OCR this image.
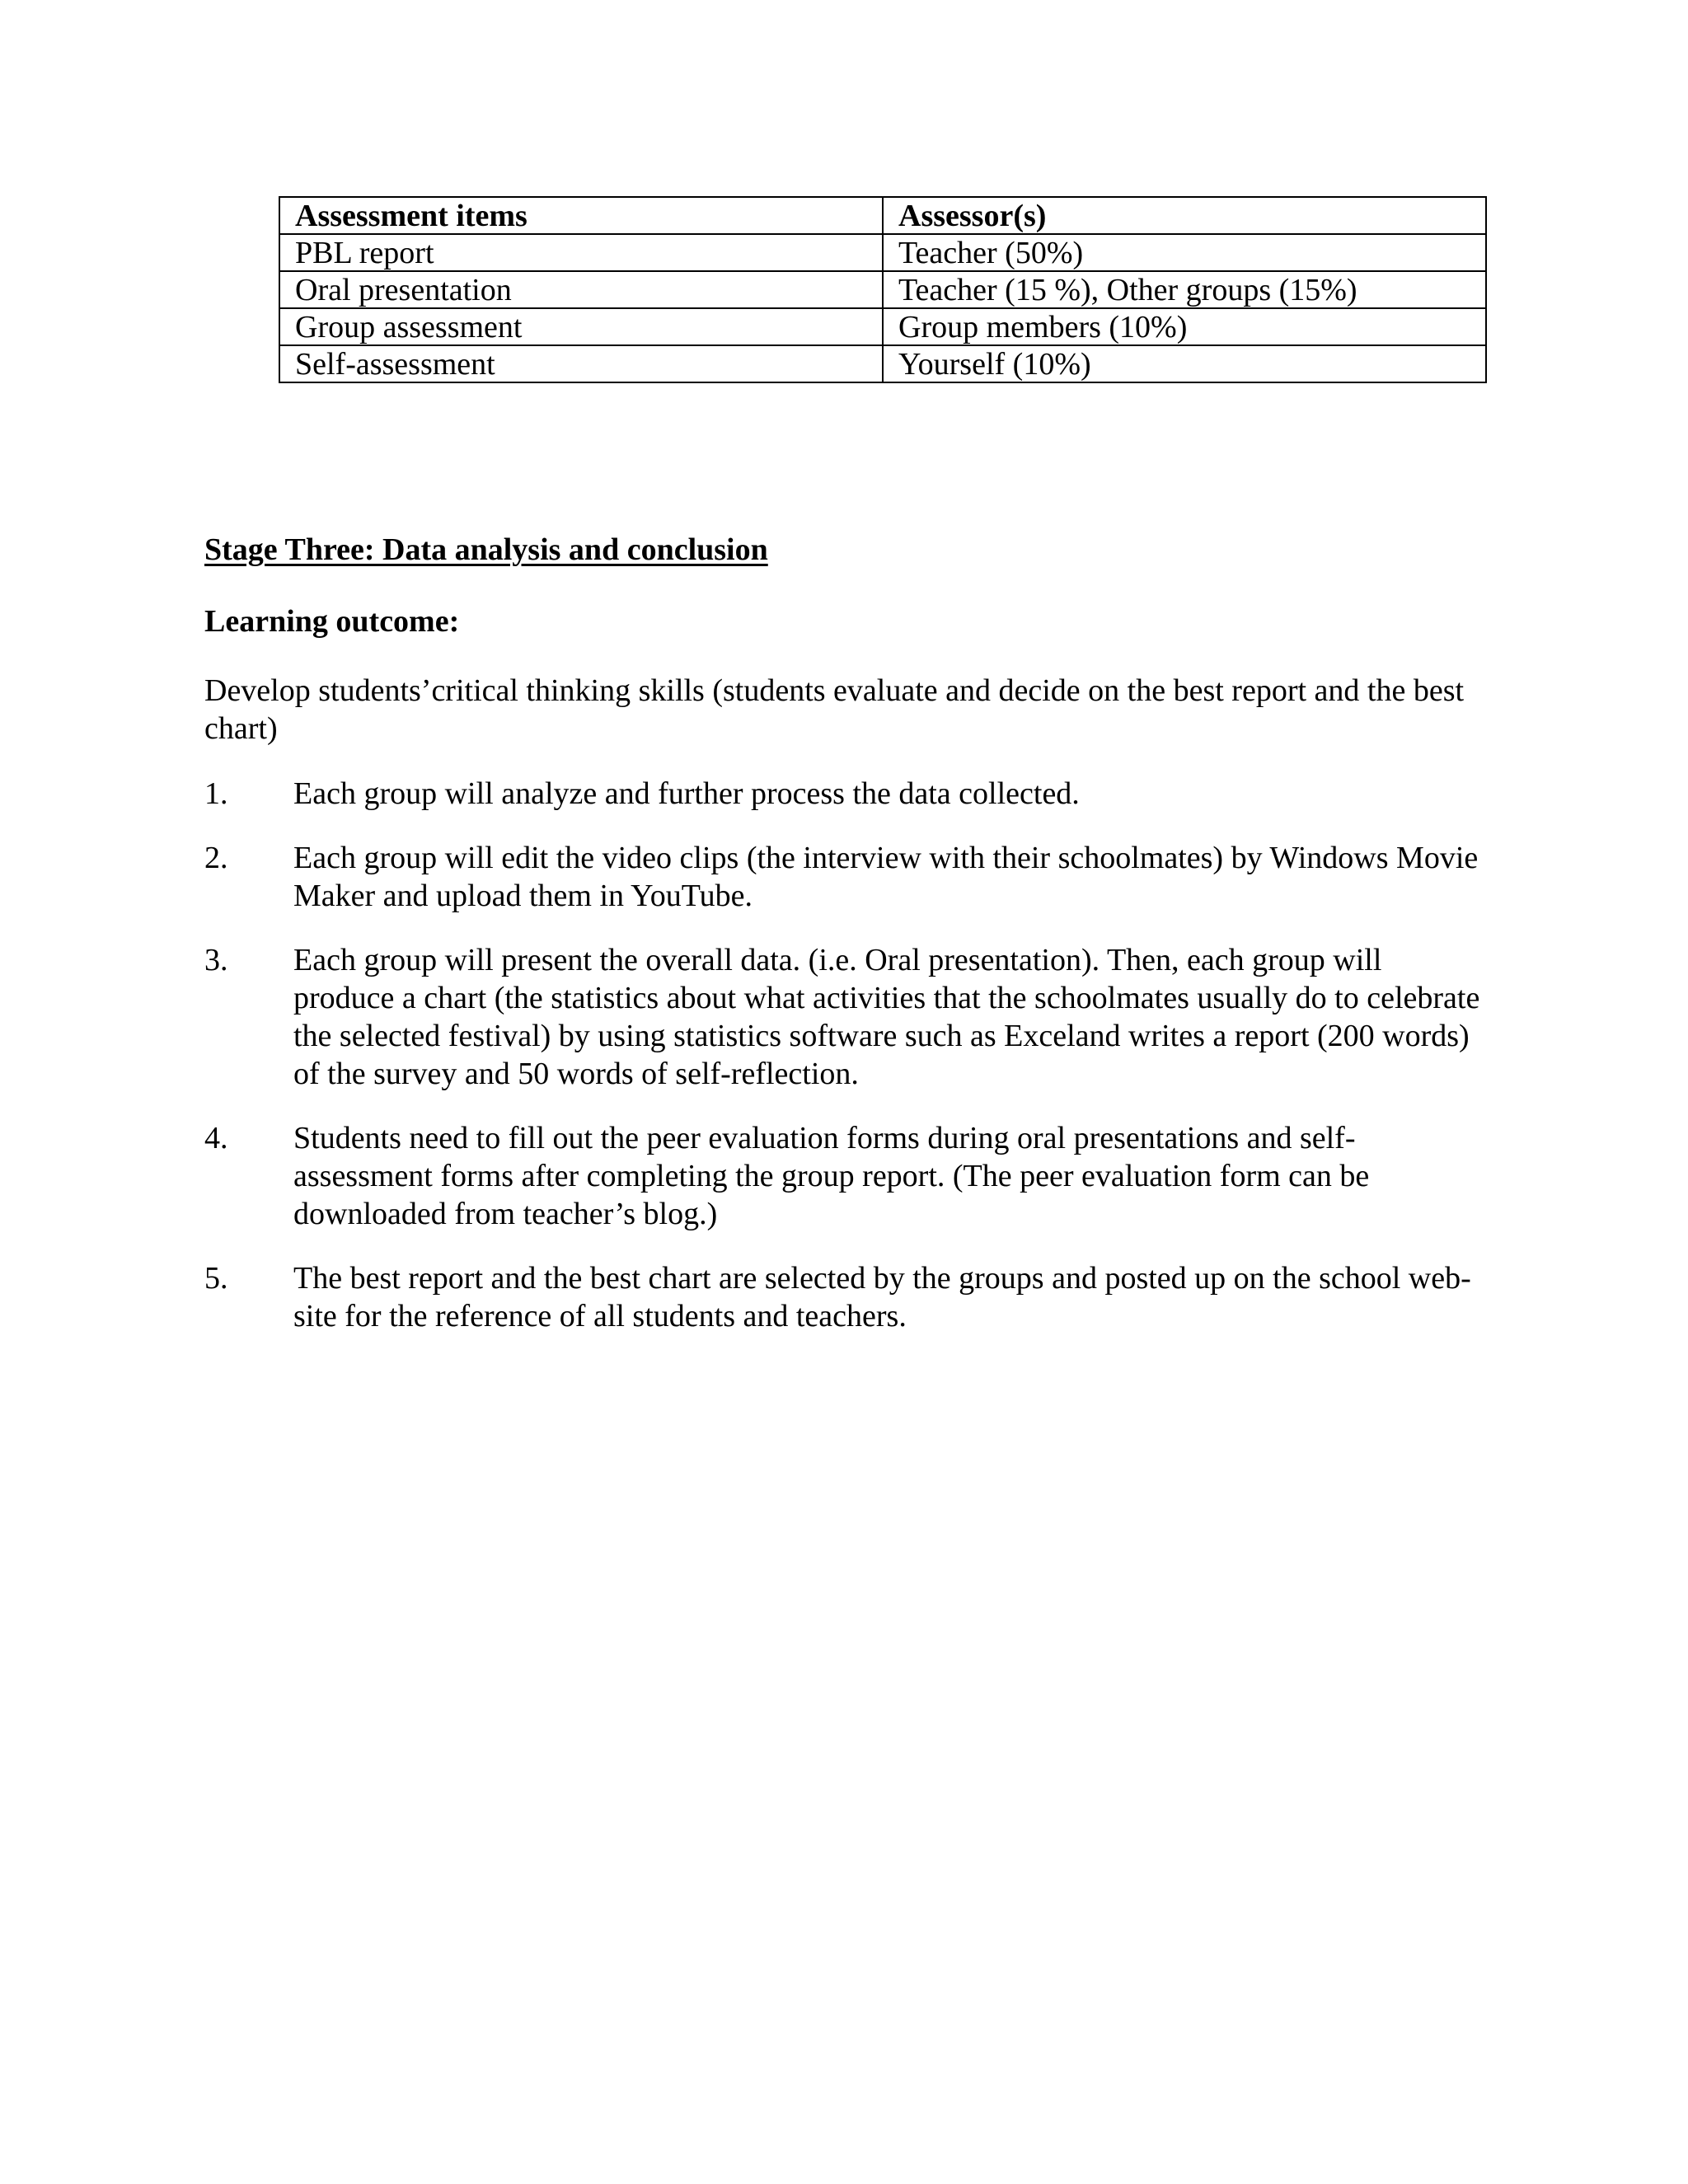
Assessment items	Assessor(s)
PBL report	Teacher (50%)
Oral presentation	Teacher (15 %), Other groups (15%)
Group assessment	Group members (10%)
Self-assessment	Yourself (10%)
Stage Three: Data analysis and conclusion
Learning outcome:

Develop students’critical thinking skills (students evaluate and decide on the best report and the best chart)

1. Each group will analyze and further process the data collected.
2. Each group will edit the video clips (the interview with their schoolmates) by Windows Movie Maker and upload them in YouTube.
3. Each group will present the overall data. (i.e. Oral presentation). Then, each group will produce a chart (the statistics about what activities that the schoolmates usually do to celebrate the selected festival) by using statistics software such as Exceland writes a report (200 words) of the survey and 50 words of self-reflection.
4. Students need to fill out the peer evaluation forms during oral presentations and self-assessment forms after completing the group report. (The peer evaluation form can be downloaded from teacher’s blog.)
5. The best report and the best chart are selected by the groups and posted up on the school web-site for the reference of all students and teachers.
